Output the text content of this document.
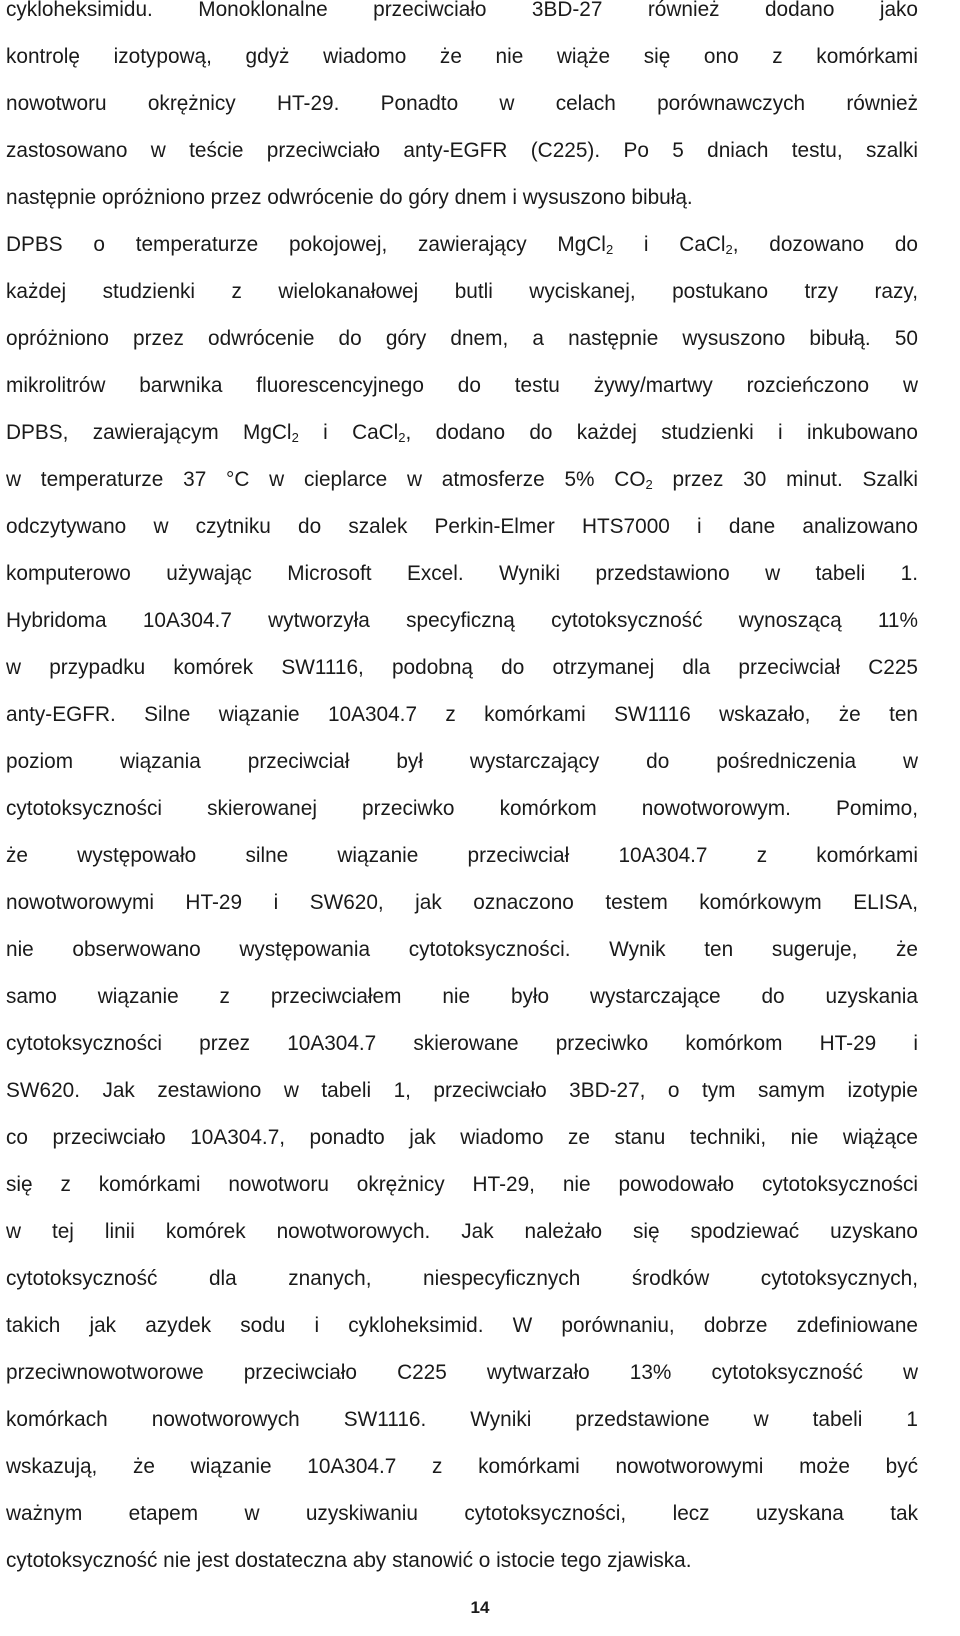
cykloheksimidu. Monoklonalne przeciwciało 3BD-27 również dodano jako
kontrolę izotypową, gdyż wiadomo że nie wiąże się ono z komórkami
nowotworu okrężnicy HT-29. Ponadto w celach porównawczych również
zastosowano w teście przeciwciało anty-EGFR (C225). Po 5 dniach testu, szalki
następnie opróżniono przez odwrócenie do góry dnem i wysuszono bibułą.
DPBS o temperaturze pokojowej, zawierający MgCl$_2$ i CaCl$_2$, dozowano do
każdej studzienki z wielokanałowej butli wyciskanej, postukano trzy razy,
opróżniono przez odwrócenie do góry dnem, a następnie wysuszono bibułą. 50
mikrolitrów barwnika fluorescencyjnego do testu żywy/martwy rozcieńczono w
DPBS, zawierającym MgCl$_2$ i CaCl$_2$, dodano do każdej studzienki i inkubowano
w temperaturze 37 °C w cieplarce w atmosferze 5% $CO_2$ przez 30 minut. Szalki
odczytywano w czytniku do szalek Perkin-Elmer HTS7000 i dane analizowano
komputerowo używając Microsoft Excel. Wyniki przedstawiono w tabeli 1.
Hybridoma 10A304.7 wytworzyła specyficzną cytotoksyczność wynoszącą 11%
w przypadku komórek SW1116, podobną do otrzymanej dla przeciwciał C225
anty-EGFR. Silne wiązanie 10A304.7 z komórkami SW1116 wskazało, że ten
poziom wiązania przeciwciał był wystarczający do pośredniczenia w
cytotoksyczności skierowanej przeciwko komórkom nowotworowym. Pomimo,
że występowało silne wiązanie przeciwciał 10A304.7 z komórkami
nowotworowymi HT-29 i SW620, jak oznaczono testem komórkowym ELISA,
nie obserwowano występowania cytotoksyczności. Wynik ten sugeruje, że
samo wiązanie z przeciwciałem nie było wystarczające do uzyskania
cytotoksyczności przez 10A304.7 skierowane przeciwko komórkom HT-29 i
SW620. Jak zestawiono w tabeli 1, przeciwciało 3BD-27, o tym samym izotypie
co przeciwciało 10A304.7, ponadto jak wiadomo ze stanu techniki, nie wiążące
się z komórkami nowotworu okrężnicy HT-29, nie powodowało cytotoksyczności
w tej linii komórek nowotworowych. Jak należało się spodziewać uzyskano
cytotoksyczność dla znanych, niespecyficznych środków cytotoksycznych,
takich jak azydek sodu i cykloheksimid. W porównaniu, dobrze zdefiniowane
przeciwnowotworowe przeciwciało C225 wytwarzało 13% cytotoksyczność w
komórkach nowotworowych SW1116. Wyniki przedstawione w tabeli 1
wskazują, że wiązanie 10A304.7 z komórkami nowotworowymi może być
ważnym etapem w uzyskiwaniu cytotoksyczności, lecz uzyskana tak
cytotoksyczność nie jest dostateczna aby stanowić o istocie tego zjawiska.
14
